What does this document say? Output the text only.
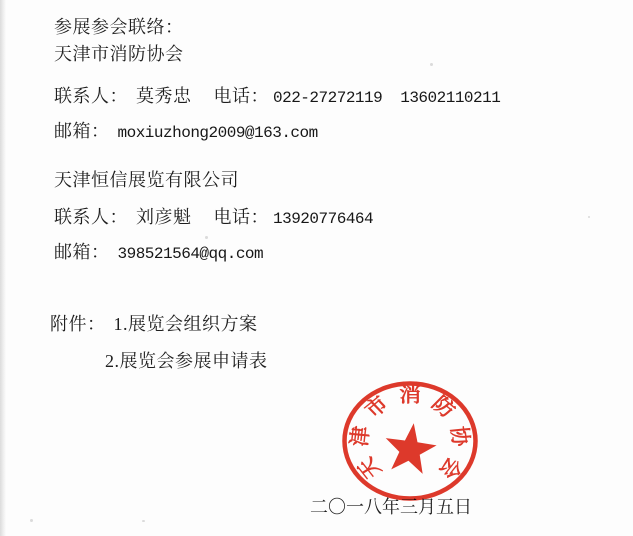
参展参会联络：
天津市消防协会
联系人： 莫秀忠 电话： 022-27272119 13602110211
邮箱： moxiuzhong2009@163.com
天津恒信展览有限公司
联系人： 刘彦魁 电话： 13920776464
邮箱： 398521564@qq.com
附件： 1.展览会组织方案
2.展览会参展申请表
二〇一八年三月五日
天
津
市 消 防
协
会
